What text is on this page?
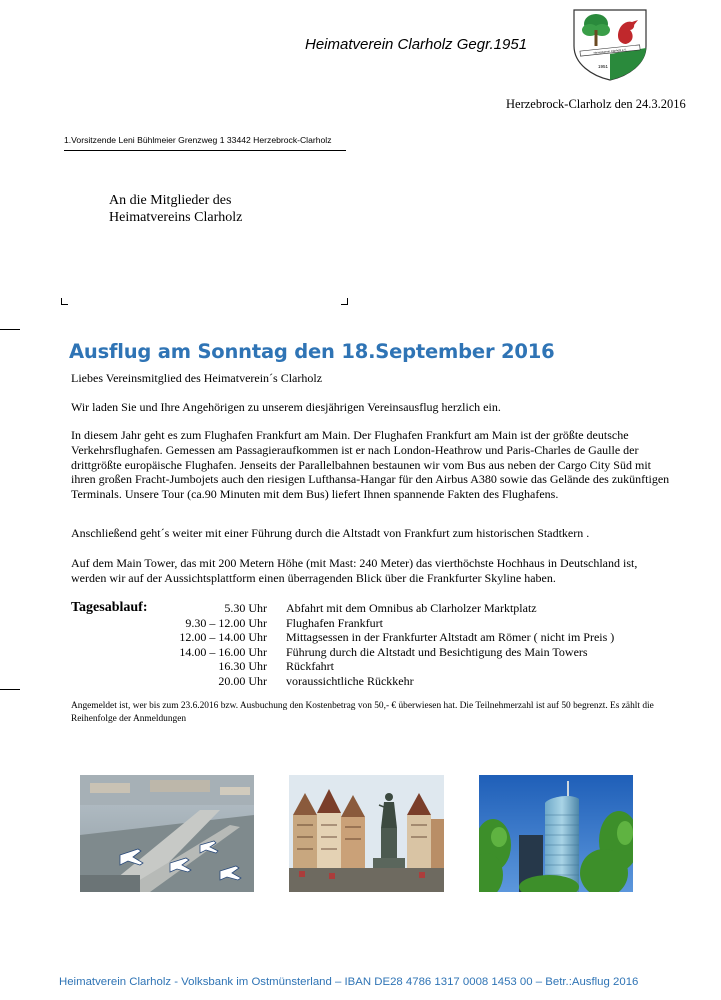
Heimatverein Clarholz Gegr.1951	Heimatverein Clarholz e.V.
1951
Herzebrock-Clarholz den 24.3.2016
1.Vorsitzende Leni Bühlmeier Grenzweg 1 33442 Herzebrock-Clarholz
An die Mitglieder des
Heimatvereins Clarholz
Ausflug am Sonntag den 18.September 2016
Liebes Vereinsmitglied des Heimatverein´s Clarholz
Wir laden Sie und Ihre Angehörigen zu unserem diesjährigen Vereinsausflug herzlich ein.
In diesem Jahr geht es zum Flughafen Frankfurt am Main. Der Flughafen Frankfurt am Main ist der größte deutsche Verkehrsflughafen. Gemessen am Passagieraufkommen ist er nach London-Heathrow und Paris-Charles de Gaulle der drittgrößte europäische Flughafen. Jenseits der Parallelbahnen bestaunen wir vom Bus aus neben der Cargo City Süd mit ihren großen Fracht-Jumbojets auch den riesigen Lufthansa-Hangar für den Airbus A380 sowie das Gelände des zukünftigen Terminals. Unsere Tour (ca.90 Minuten mit dem Bus) liefert Ihnen spannende Fakten des Flughafens.
Anschließend geht´s weiter mit einer Führung durch die Altstadt von Frankfurt zum historischen Stadtkern .
Auf dem Main Tower, das mit 200 Metern Höhe (mit Mast: 240 Meter) das vierthöchste Hochhaus in Deutschland ist, werden wir auf der Aussichtsplattform einen überragenden Blick über die Frankfurter Skyline haben.
Tagesablauf:	5.30 Uhr Abfahrt mit dem Omnibus ab Clarholzer Marktplatz
9.30 – 12.00 Uhr Flughafen Frankfurt
12.00 – 14.00 Uhr Mittagsessen in der Frankfurter Altstadt am Römer ( nicht im Preis )
14.00 – 16.00 Uhr Führung durch die Altstadt und Besichtigung des Main Towers
16.30 Uhr Rückfahrt
20.00 Uhr voraussichtliche Rückkehr
Angemeldet ist, wer bis zum 23.6.2016 bzw. Ausbuchung den Kostenbetrag von 50,- € überwiesen hat. Die Teilnehmerzahl ist auf 50 begrenzt. Es zählt die Reihenfolge der Anmeldungen
Heimatverein Clarholz - Volksbank im Ostmünsterland – IBAN DE28 4786 1317 0008 1453 00 – Betr.:Ausflug 2016
